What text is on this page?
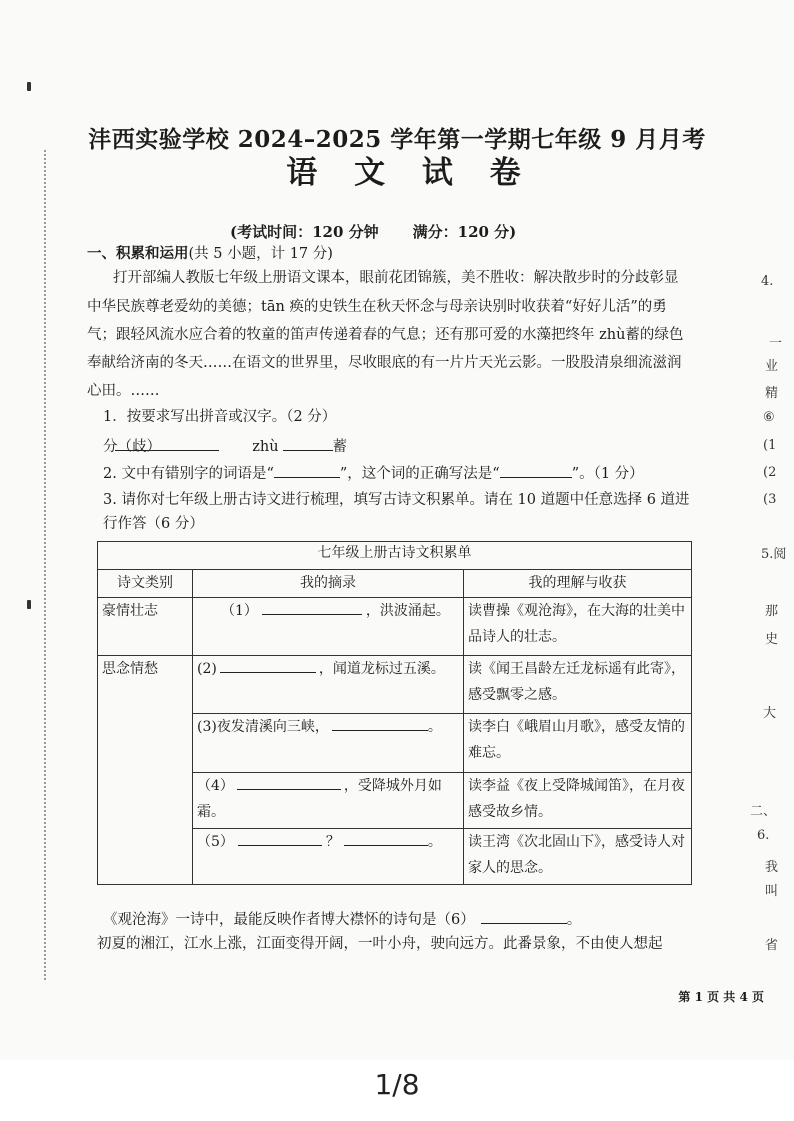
沣西实验学校 2024–2025 学年第一学期七年级 9 月月考
语 文 试 卷
(考试时间：120 分钟 满分：120 分)
一、积累和运用(共 5 小题，计 17 分)
打开部编人教版七年级上册语文课本，眼前花团锦簇，美不胜收：解决散步时的分歧彰显
中华民族尊老爱幼的美德；tān 痪的史铁生在秋天怀念与母亲诀别时收获着“好好儿活”的勇
气；跟轻风流水应合着的牧童的笛声传递着春的气息；还有那可爱的水藻把终年 zhù蓄的绿色
奉献给济南的冬天……在语文的世界里，尽收眼底的有一片片天光云影。一股股清泉细流滋润
心田。……
1．按要求写出拼音或汉字。（2 分）
分（歧）	zhù	蓄
2. 文中有错别字的词语是“	”，这个词的正确写法是“	”。（1 分）
3. 请你对七年级上册古诗文进行梳理，填写古诗文积累单。请在 10 道题中任意选择 6 道进
行作答（6 分）
七年级上册古诗文积累单		
诗文类别	我的摘录	我的理解与收获
豪情壮志	（1） ，洪波涌起。	读曹操《观沧海》，在大海的壮美中品诗人的壮志。
思念情愁	(2) ，闻道龙标过五溪。	读《闻王昌龄左迁龙标遥有此寄》，感受飘零之感。
	(3)夜发清溪向三峡， 。	读李白《峨眉山月歌》，感受友情的难忘。
	（4） ，受降城外月如霜。	读李益《夜上受降城闻笛》，在月夜感受故乡情。
	（5） ？ 。	读王湾《次北固山下》，感受诗人对家人的思念。
《观沧海》一诗中，最能反映作者博大襟怀的诗句是（6）	。
初夏的湘江，江水上涨，江面变得开阔，一叶小舟，驶向远方。此番景象，不由使人想起
4.
一
业
精
⑥
(1
(2
(3
5.阅
那
史
大
二、
6.
我
叫
省
第 1 页 共 4 页
1/8
